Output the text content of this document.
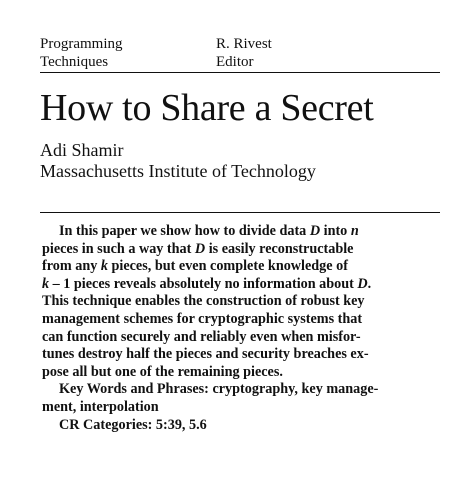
Programming
Techniques
R. Rivest
Editor
How to Share a Secret
Adi Shamir
Massachusetts Institute of Technology
In this paper we show how to divide data D into n
pieces in such a way that D is easily reconstructable
from any k pieces, but even complete knowledge of
k – 1 pieces reveals absolutely no information about D.
This technique enables the construction of robust key
management schemes for cryptographic systems that
can function securely and reliably even when misfor-
tunes destroy half the pieces and security breaches ex-
pose all but one of the remaining pieces.
Key Words and Phrases: cryptography, key manage-
ment, interpolation
CR Categories: 5:39, 5.6
